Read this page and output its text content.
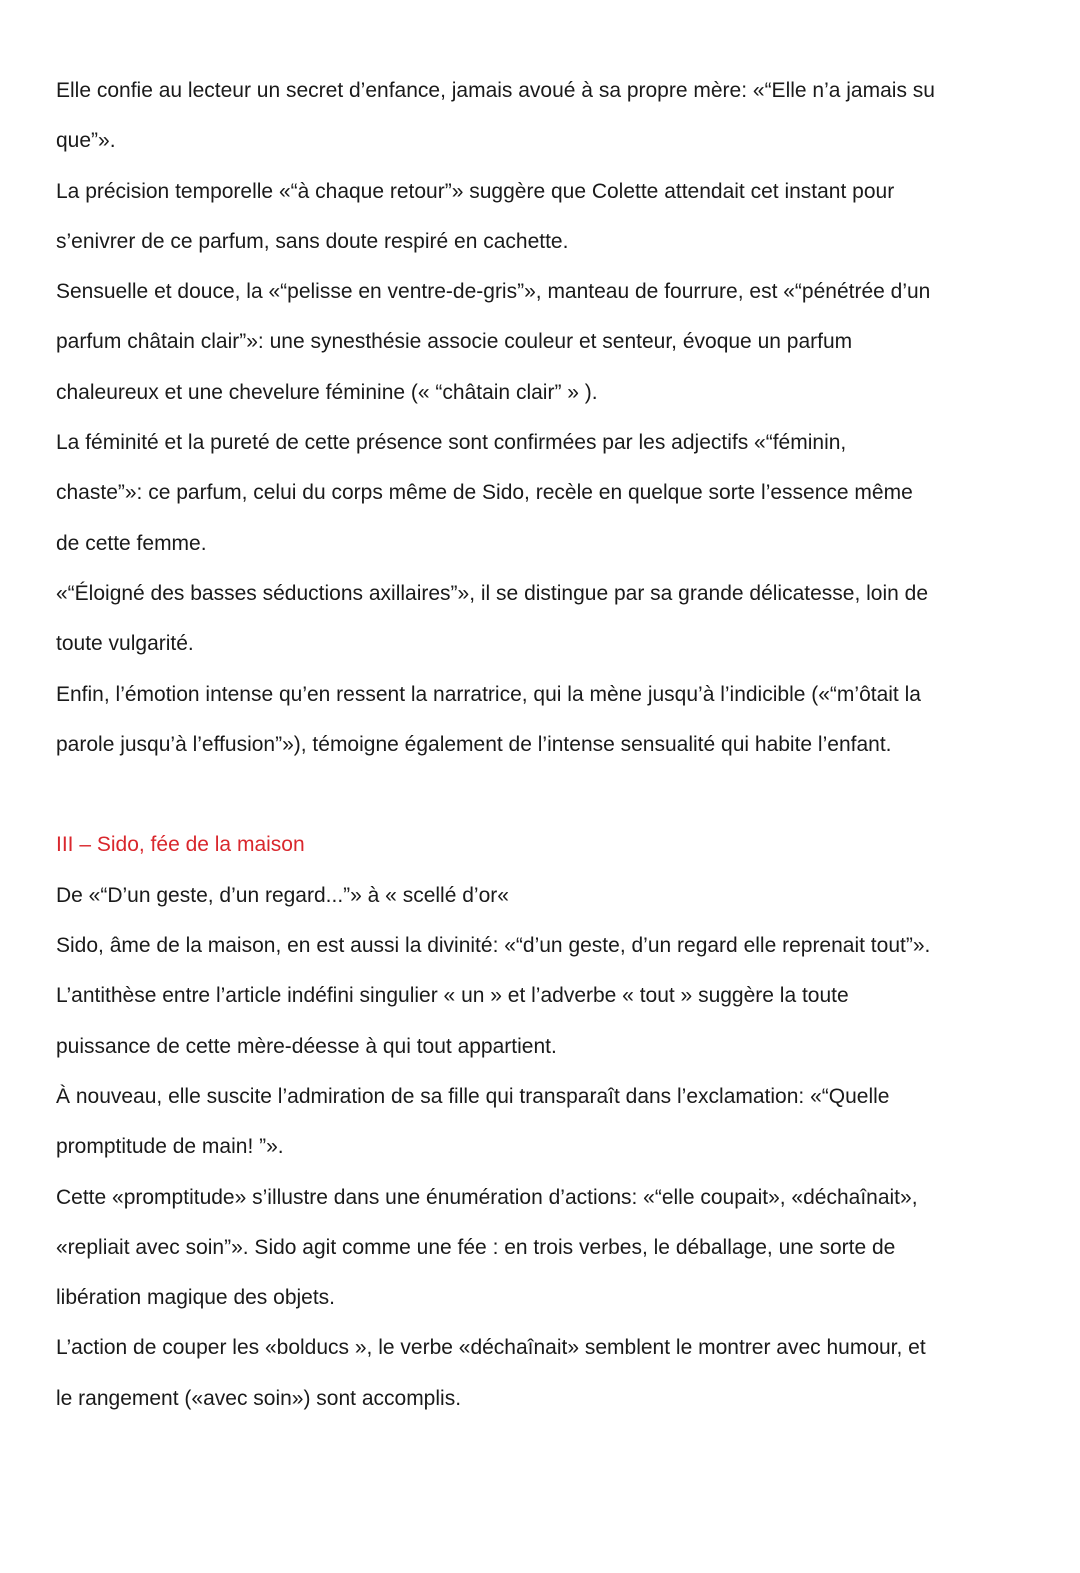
Elle confie au lecteur un secret d’enfance, jamais avoué à sa propre mère: «“Elle n’a jamais su que”».

La précision temporelle «“à chaque retour”» suggère que Colette attendait cet instant pour s’enivrer de ce parfum, sans doute respiré en cachette.

Sensuelle et douce, la «“pelisse en ventre-de-gris”», manteau de fourrure, est «“pénétrée d’un parfum châtain clair”»: une synesthésie associe couleur et senteur, évoque un parfum chaleureux et une chevelure féminine (« “châtain clair” » ).

La féminité et la pureté de cette présence sont confirmées par les adjectifs «“féminin, chaste”»: ce parfum, celui du corps même de Sido, recèle en quelque sorte l’essence même de cette femme.

«“Éloigné des basses séductions axillaires”», il se distingue par sa grande délicatesse, loin de toute vulgarité.

Enfin, l’émotion intense qu’en ressent la narratrice, qui la mène jusqu’à l’indicible («“m’ôtait la parole jusqu’à l’effusion”»), témoigne également de l’intense sensualité qui habite l’enfant.

III – Sido, fée de la maison

De «“D’un geste, d’un regard...”» à « scellé d’or«

Sido, âme de la maison, en est aussi la divinité: «“d’un geste, d’un regard elle reprenait tout”». L’antithèse entre l’article indéfini singulier « un » et l’adverbe « tout » suggère la toute puissance de cette mère-déesse à qui tout appartient.

À nouveau, elle suscite l’admiration de sa fille qui transparaît dans l’exclamation: «“Quelle promptitude de main! ”».

Cette «promptitude» s’illustre dans une énumération d’actions: «“elle coupait», «déchaînait», «repliait avec soin”». Sido agit comme une fée : en trois verbes, le déballage, une sorte de libération magique des objets.

L’action de couper les «bolducs », le verbe «déchaînait» semblent le montrer avec humour, et le rangement («avec soin») sont accomplis.
